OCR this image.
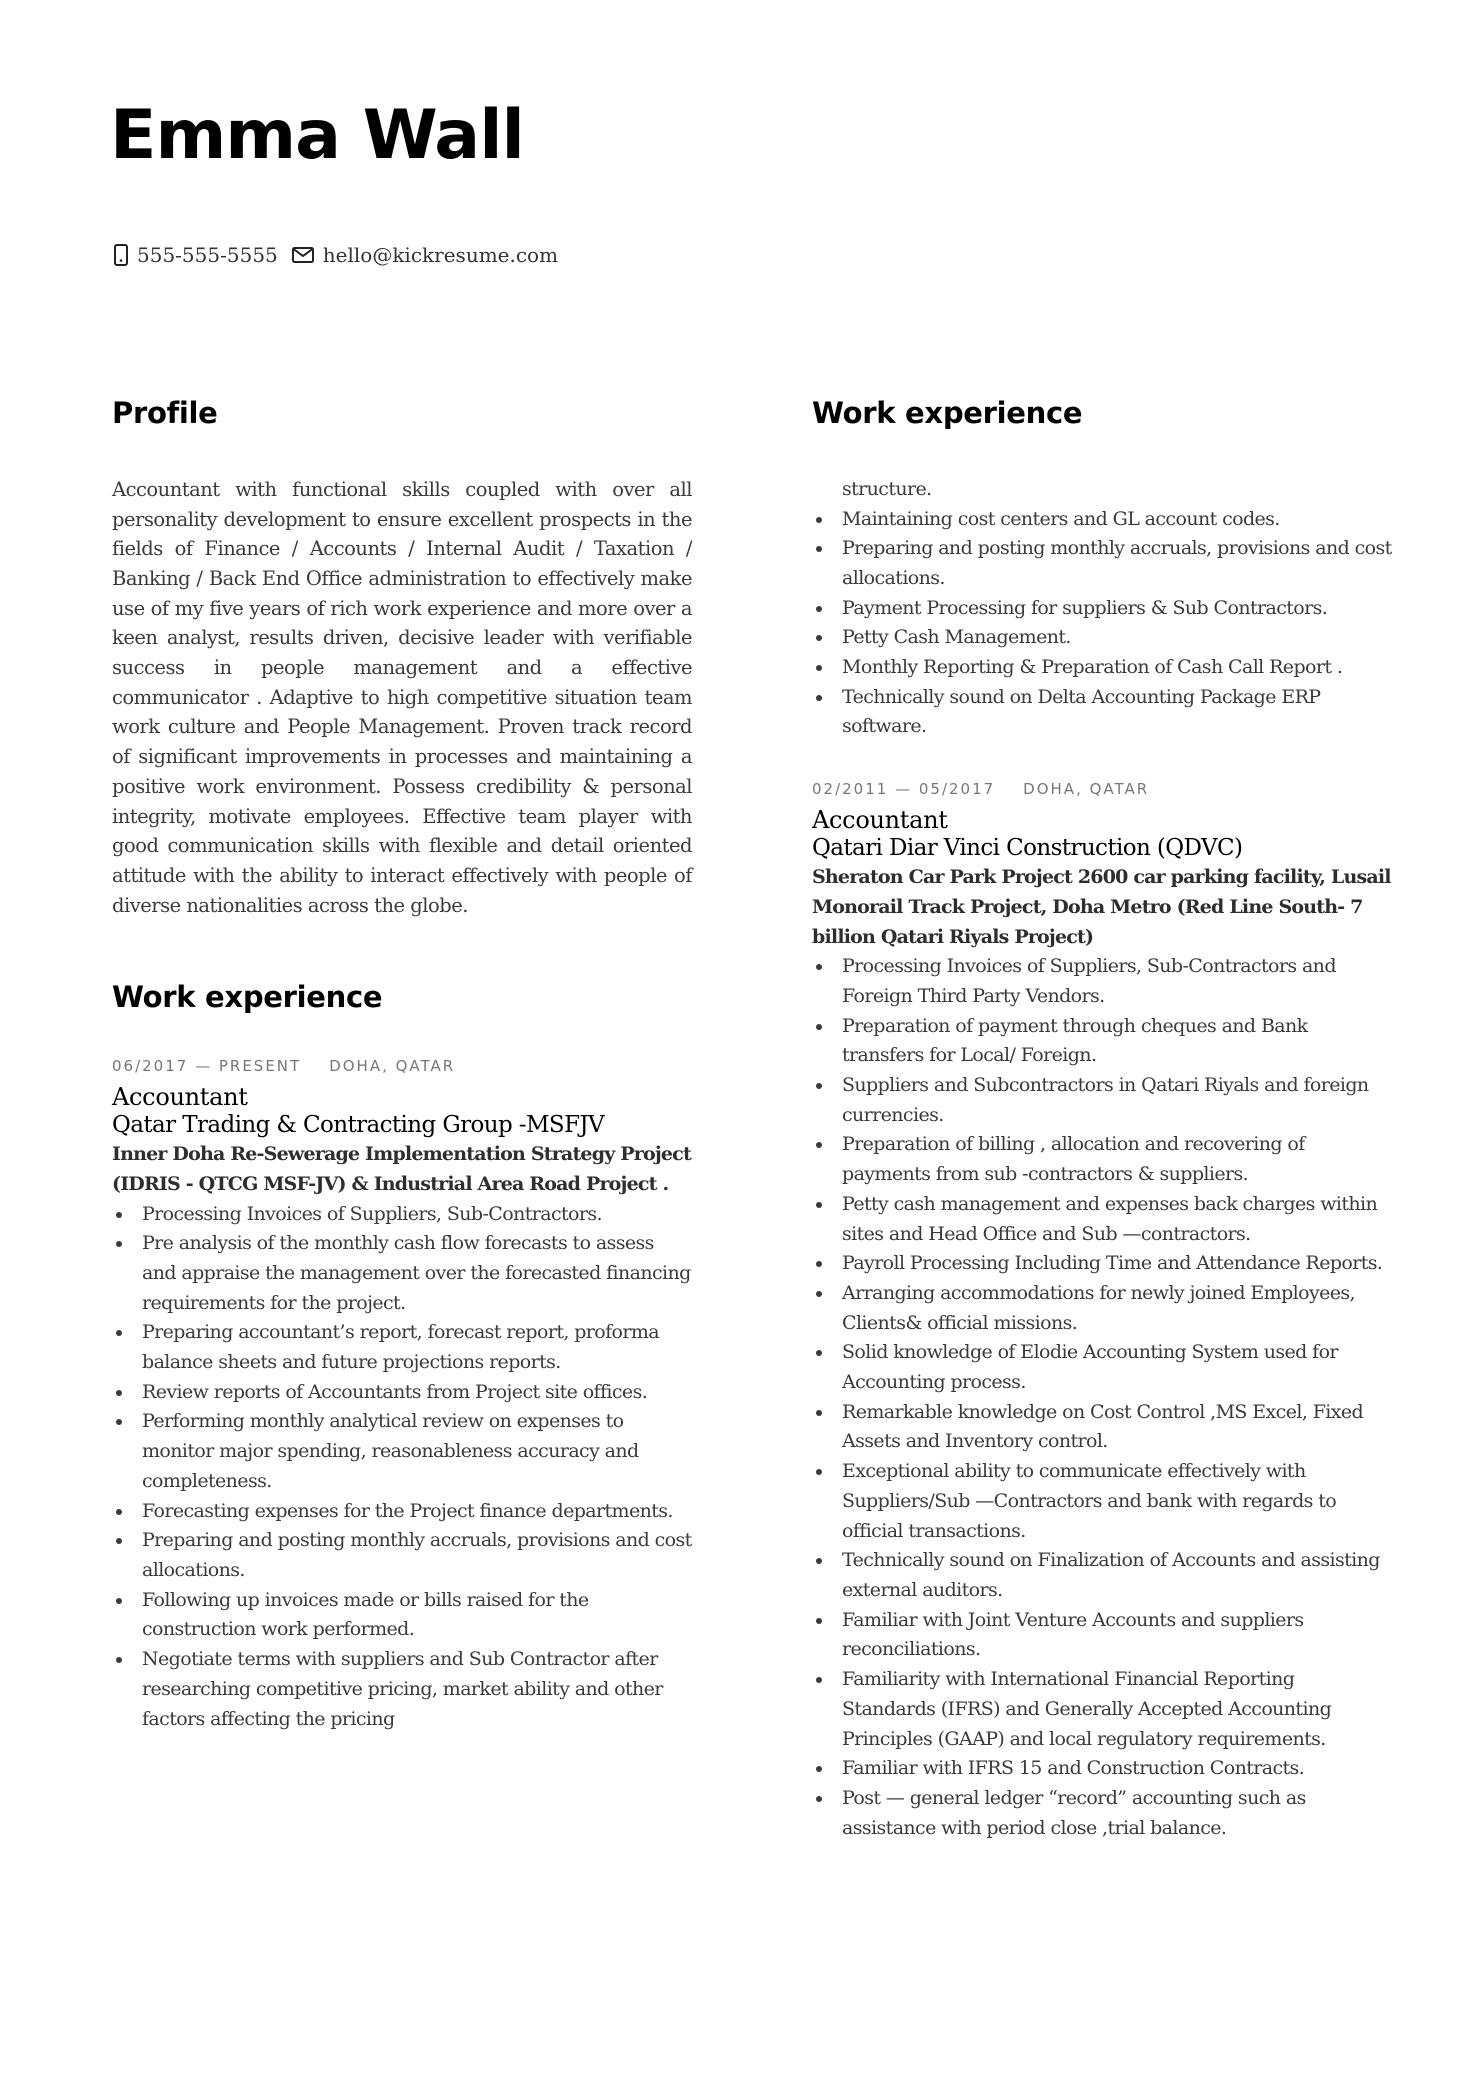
Emma Wall
555-555-5555 hello@kickresume.com
Profile

Accountant with functional skills coupled with over all personality development to ensure excellent prospects in the fields of Finance / Accounts / Internal Audit / Taxation / Banking / Back End Office administration to effectively make use of my five years of rich work experience and more over a keen analyst, results driven, decisive leader with verifiable success in people management and a effective communicator . Adaptive to high competitive situation team work culture and People Management. Proven track record of significant improvements in processes and maintaining a positive work environment. Possess credibility & personal integrity, motivate employees. Effective team player with good communication skills with flexible and detail oriented attitude with the ability to interact effectively with people of diverse nationalities across the globe.

Work experience
06/2017 — PRESENT DOHA, QATAR
Accountant
Qatar Trading & Contracting Group -MSFJV
Inner Doha Re-Sewerage Implementation Strategy Project (IDRIS - QTCG MSF-JV) & Industrial Area Road Project .
Processing Invoices of Suppliers, Sub-Contractors.
Pre analysis of the monthly cash flow forecasts to assess and appraise the management over the forecasted financing requirements for the project.
Preparing accountant’s report, forecast report, proforma balance sheets and future projections reports.
Review reports of Accountants from Project site offices.
Performing monthly analytical review on expenses to monitor major spending, reasonableness accuracy and completeness.
Forecasting expenses for the Project finance departments.
Preparing and posting monthly accruals, provisions and cost allocations.
Following up invoices made or bills raised for the construction work performed.
Negotiate terms with suppliers and Sub Contractor after researching competitive pricing, market ability and other factors affecting the pricing
Work experience
structure.
Maintaining cost centers and GL account codes.
Preparing and posting monthly accruals, provisions and cost allocations.
Payment Processing for suppliers & Sub Contractors.
Petty Cash Management.
Monthly Reporting & Preparation of Cash Call Report .
Technically sound on Delta Accounting Package ERP software.
02/2011 — 05/2017 DOHA, QATAR
Accountant
Qatari Diar Vinci Construction (QDVC)
Sheraton Car Park Project 2600 car parking facility, Lusail Monorail Track Project, Doha Metro (Red Line South- 7 billion Qatari Riyals Project)
Processing Invoices of Suppliers, Sub-Contractors and Foreign Third Party Vendors.
Preparation of payment through cheques and Bank transfers for Local/ Foreign.
Suppliers and Subcontractors in Qatari Riyals and foreign currencies.
Preparation of billing , allocation and recovering of payments from sub -contractors & suppliers.
Petty cash management and expenses back charges within sites and Head Office and Sub —contractors.
Payroll Processing Including Time and Attendance Reports.
Arranging accommodations for newly joined Employees, Clients& official missions.
Solid knowledge of Elodie Accounting System used for Accounting process.
Remarkable knowledge on Cost Control ,MS Excel, Fixed Assets and Inventory control.
Exceptional ability to communicate effectively with Suppliers/Sub —Contractors and bank with regards to official transactions.
Technically sound on Finalization of Accounts and assisting external auditors.
Familiar with Joint Venture Accounts and suppliers reconciliations.
Familiarity with International Financial Reporting Standards (IFRS) and Generally Accepted Accounting Principles (GAAP) and local regulatory requirements.
Familiar with IFRS 15 and Construction Contracts.
Post — general ledger “record” accounting such as assistance with period close ,trial balance.
